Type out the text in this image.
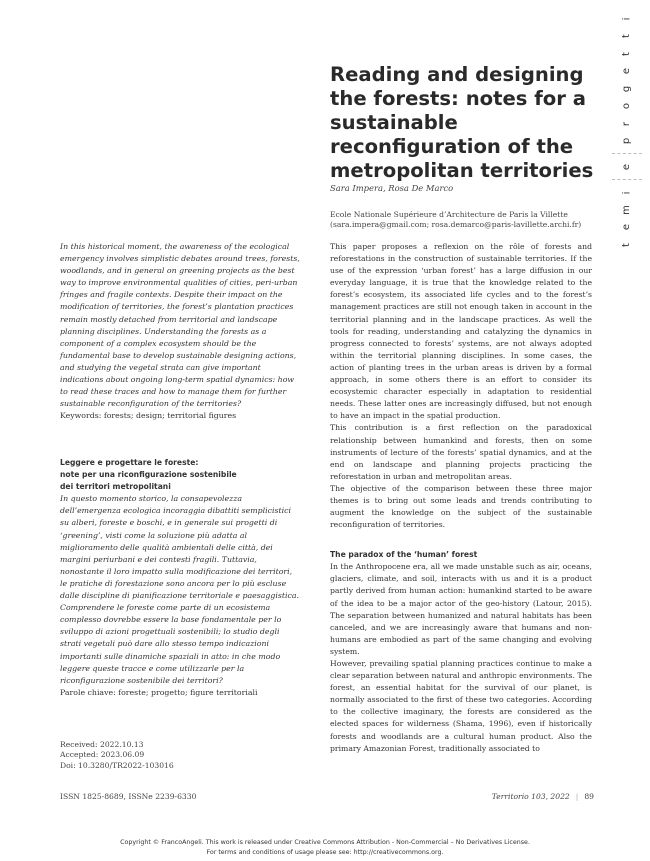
i
t
t
e
g
o
r
p
e
i
m
e
t
Reading and designing the forests: notes for a sustainable reconfiguration of the metropolitan territories
Sara Impera, Rosa De Marco
Ecole Nationale Supérieure d’Architecture de Paris la Villette
(sara.impera@gmail.com; rosa.demarco@paris-lavillette.archi.fr)
In this historical moment, the awareness of the ecological emergency involves simplistic debates around trees, forests, woodlands, and in general on greening projects as the best way to improve environmental qualities of cities, peri-urban fringes and fragile contexts. Despite their impact on the modification of territories, the forest’s plantation practices remain mostly detached from territorial and landscape planning disciplines. Understanding the forests as a component of a complex ecosystem should be the fundamental base to develop sustainable designing actions, and studying the vegetal strata can give important indications about ongoing long-term spatial dynamics: how to read these traces and how to manage them for further sustainable reconfiguration of the territories?
Keywords: forests; design; territorial figures
Leggere e progettare le foreste:
note per una riconfigurazione sostenibile
dei territori metropolitani
In questo momento storico, la consapevolezza dell’emergenza ecologica incoraggia dibattiti semplicistici su alberi, foreste e boschi, e in generale sui progetti di ‘greening’, visti come la soluzione più adatta al miglioramento delle qualità ambientali delle città, dei margini periurbani e dei contesti fragili. Tuttavia, nonostante il loro impatto sulla modificazione dei territori, le pratiche di forestazione sono ancora per lo più escluse dalle discipline di pianificazione territoriale e paesaggistica. Comprendere le foreste come parte di un ecosistema complesso dovrebbe essere la base fondamentale per lo sviluppo di azioni progettuali sostenibili; lo studio degli strati vegetali può dare allo stesso tempo indicazioni importanti sulle dinamiche spaziali in atto: in che modo leggere queste tracce e come utilizzarle per la riconfigurazione sostenibile dei territori?
Parole chiave: foreste; progetto; figure territoriali
Received: 2022.10.13
Accepted: 2023.06.09
Doi: 10.3280/TR2022-103016

This paper proposes a reflexion on the rôle of forests and reforestations in the construction of sustainable territories. If the use of the expression ‘urban forest’ has a large diffusion in our everyday language, it is true that the knowledge related to the forest’s ecosystem, its associated life cycles and to the forest’s management practices are still not enough taken in account in the territorial planning and in the landscape practices. As well the tools for reading, understanding and catalyzing the dynamics in progress connected to forests’ systems, are not always adopted within the territorial planning disciplines. In some cases, the action of planting trees in the urban areas is driven by a formal approach, in some others there is an effort to consider its ecosystemic character especially in adaptation to residential needs. These latter ones are increasingly diffused, but not enough to have an impact in the spatial production.

This contribution is a first reflection on the paradoxical relationship between humankind and forests, then on some instruments of lecture of the forests’ spatial dynamics, and at the end on landscape and planning projects practicing the reforestation in urban and metropolitan areas.

The objective of the comparison between these three major themes is to bring out some leads and trends contributing to augment the knowledge on the subject of the sustainable reconfiguration of territories.

The paradox of the ‘human’ forest

In the Anthropocene era, all we made unstable such as air, oceans, glaciers, climate, and soil, interacts with us and it is a product partly derived from human action: humankind started to be aware of the idea to be a major actor of the geo-history (Latour, 2015). The separation between humanized and natural habitats has been canceled, and we are increasingly aware that humans and non-humans are embodied as part of the same changing and evolving system.

However, prevailing spatial planning practices continue to make a clear separation between natural and anthropic environments. The forest, an essential habitat for the survival of our planet, is normally associated to the first of these two categories. According to the collective imaginary, the forests are considered as the elected spaces for wilderness (Shama, 1996), even if historically forests and woodlands are a cultural human product. Also the primary Amazonian Forest, traditionally associated to

ISSN 1825-8689, ISSNe 2239-6330	Territorio 103, 2022 | 89
Copyright © FrancoAngeli. This work is released under Creative Commons Attribution - Non-Commercial – No Derivatives License.
For terms and conditions of usage please see: http://creativecommons.org.
